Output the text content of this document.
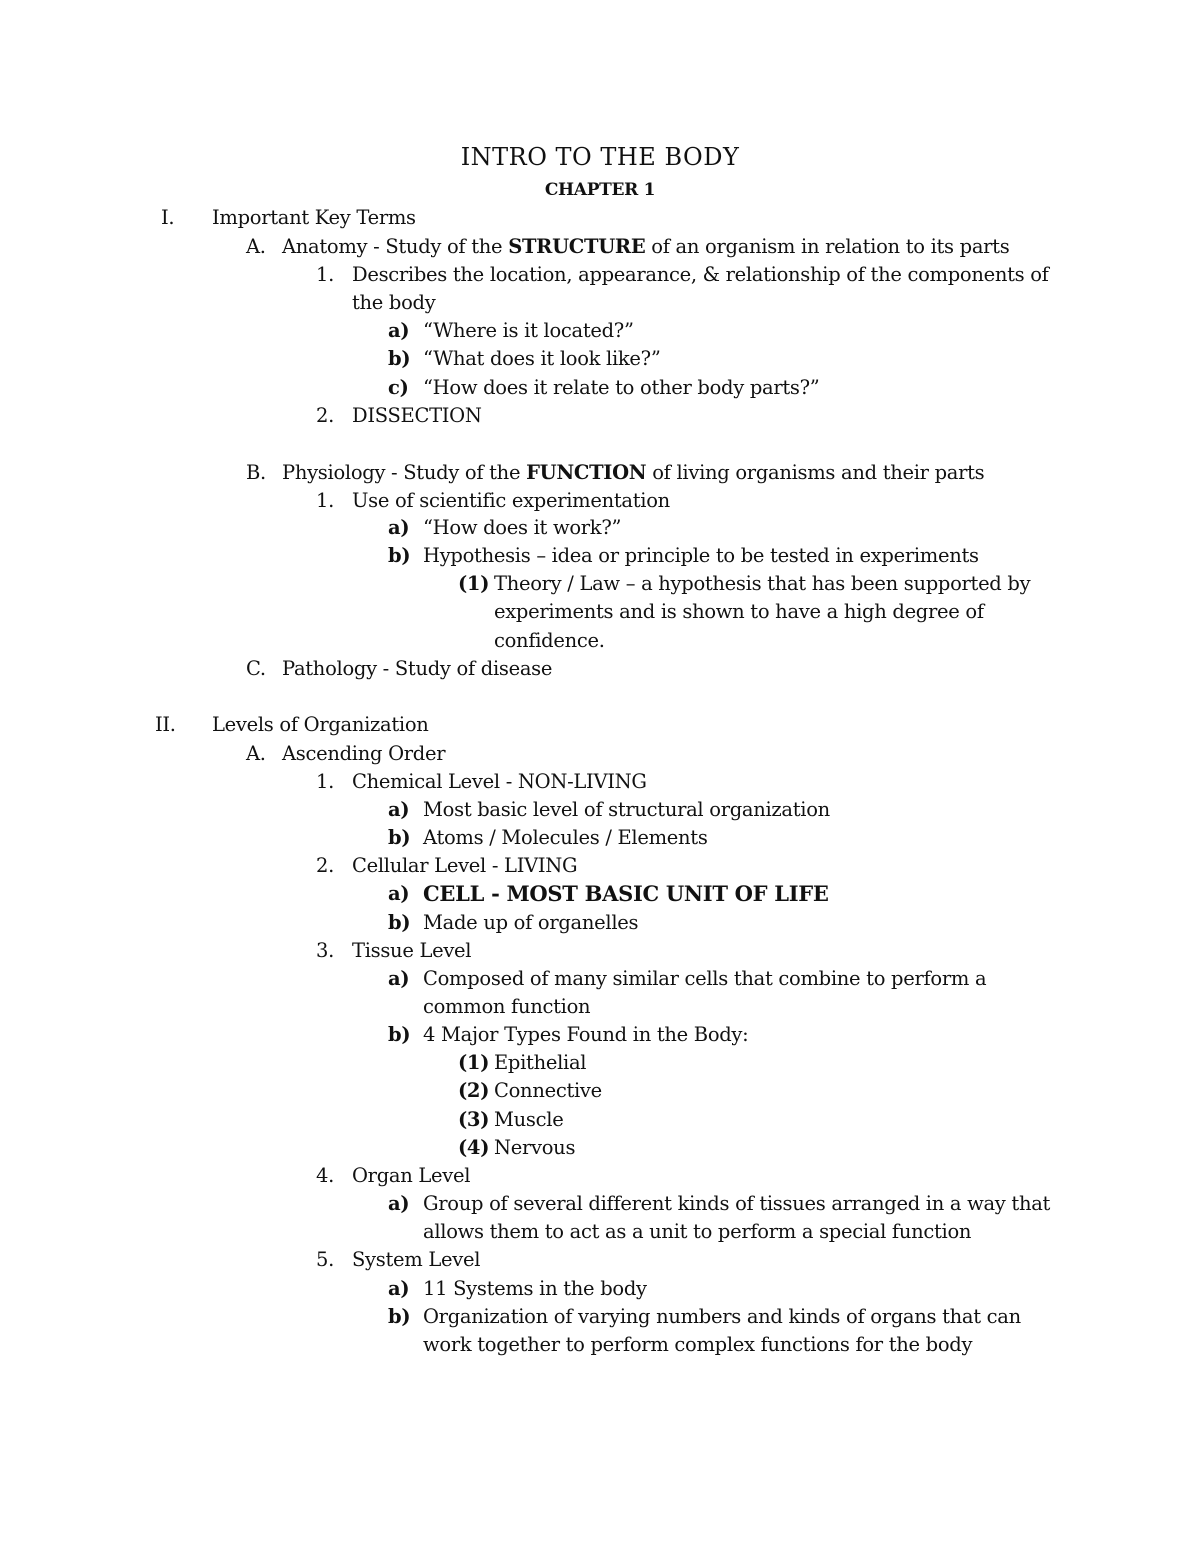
INTRO TO THE BODY

CHAPTER 1

I. Important Key Terms

A. Anatomy - Study of the STRUCTURE of an organism in relation to its parts

1. Describes the location, appearance, & relationship of the components of

the body

a) “Where is it located?”

b) “What does it look like?”

c) “How does it relate to other body parts?”

2. DISSECTION

B. Physiology - Study of the FUNCTION of living organisms and their parts

1. Use of scientific experimentation

a) “How does it work?”

b) Hypothesis – idea or principle to be tested in experiments

(1) Theory / Law – a hypothesis that has been supported by

experiments and is shown to have a high degree of

confidence.

C. Pathology - Study of disease

II. Levels of Organization

A. Ascending Order

1. Chemical Level - NON-LIVING

a) Most basic level of structural organization

b) Atoms / Molecules / Elements

2. Cellular Level - LIVING

a) CELL - MOST BASIC UNIT OF LIFE

b) Made up of organelles

3. Tissue Level

a) Composed of many similar cells that combine to perform a

common function

b) 4 Major Types Found in the Body:

(1) Epithelial

(2) Connective

(3) Muscle

(4) Nervous

4. Organ Level

a) Group of several different kinds of tissues arranged in a way that

allows them to act as a unit to perform a special function

5. System Level

a) 11 Systems in the body

b) Organization of varying numbers and kinds of organs that can

work together to perform complex functions for the body
